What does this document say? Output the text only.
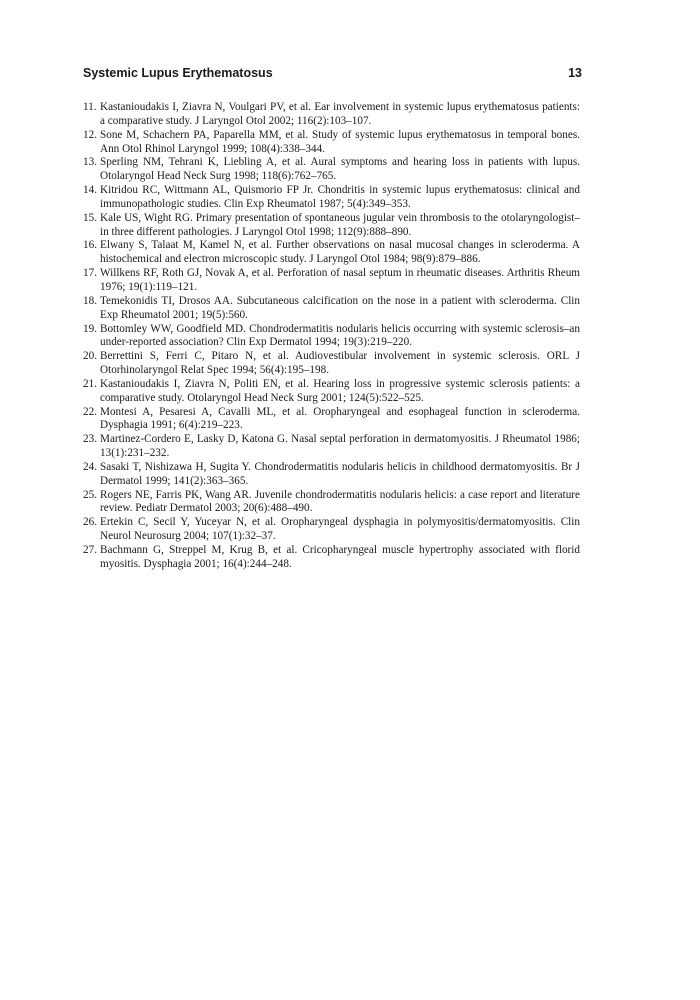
Systemic Lupus Erythematosus	13
11. Kastanioudakis I, Ziavra N, Voulgari PV, et al. Ear involvement in systemic lupus erythematosus patients: a comparative study. J Laryngol Otol 2002; 116(2):103–107.
12. Sone M, Schachern PA, Paparella MM, et al. Study of systemic lupus erythematosus in temporal bones. Ann Otol Rhinol Laryngol 1999; 108(4):338–344.
13. Sperling NM, Tehrani K, Liebling A, et al. Aural symptoms and hearing loss in patients with lupus. Otolaryngol Head Neck Surg 1998; 118(6):762–765.
14. Kitridou RC, Wittmann AL, Quismorio FP Jr. Chondritis in systemic lupus erythematosus: clinical and immunopathologic studies. Clin Exp Rheumatol 1987; 5(4):349–353.
15. Kale US, Wight RG. Primary presentation of spontaneous jugular vein thrombosis to the otolaryngologist–in three different pathologies. J Laryngol Otol 1998; 112(9):888–890.
16. Elwany S, Talaat M, Kamel N, et al. Further observations on nasal mucosal changes in scleroderma. A histochemical and electron microscopic study. J Laryngol Otol 1984; 98(9):879–886.
17. Willkens RF, Roth GJ, Novak A, et al. Perforation of nasal septum in rheumatic diseases. Arthritis Rheum 1976; 19(1):119–121.
18. Temekonidis TI, Drosos AA. Subcutaneous calcification on the nose in a patient with scleroderma. Clin Exp Rheumatol 2001; 19(5):560.
19. Bottomley WW, Goodfield MD. Chondrodermatitis nodularis helicis occurring with systemic sclerosis–an under-reported association? Clin Exp Dermatol 1994; 19(3):219–220.
20. Berrettini S, Ferri C, Pitaro N, et al. Audiovestibular involvement in systemic sclerosis. ORL J Otorhinolaryngol Relat Spec 1994; 56(4):195–198.
21. Kastanioudakis I, Ziavra N, Politi EN, et al. Hearing loss in progressive systemic sclerosis patients: a comparative study. Otolaryngol Head Neck Surg 2001; 124(5):522–525.
22. Montesi A, Pesaresi A, Cavalli ML, et al. Oropharyngeal and esophageal function in scleroderma. Dysphagia 1991; 6(4):219–223.
23. Martinez-Cordero E, Lasky D, Katona G. Nasal septal perforation in dermatomyositis. J Rheumatol 1986; 13(1):231–232.
24. Sasaki T, Nishizawa H, Sugita Y. Chondrodermatitis nodularis helicis in childhood dermatomyositis. Br J Dermatol 1999; 141(2):363–365.
25. Rogers NE, Farris PK, Wang AR. Juvenile chondrodermatitis nodularis helicis: a case report and literature review. Pediatr Dermatol 2003; 20(6):488–490.
26. Ertekin C, Secil Y, Yuceyar N, et al. Oropharyngeal dysphagia in polymyositis/dermatomyositis. Clin Neurol Neurosurg 2004; 107(1):32–37.
27. Bachmann G, Streppel M, Krug B, et al. Cricopharyngeal muscle hypertrophy associated with florid myositis. Dysphagia 2001; 16(4):244–248.
